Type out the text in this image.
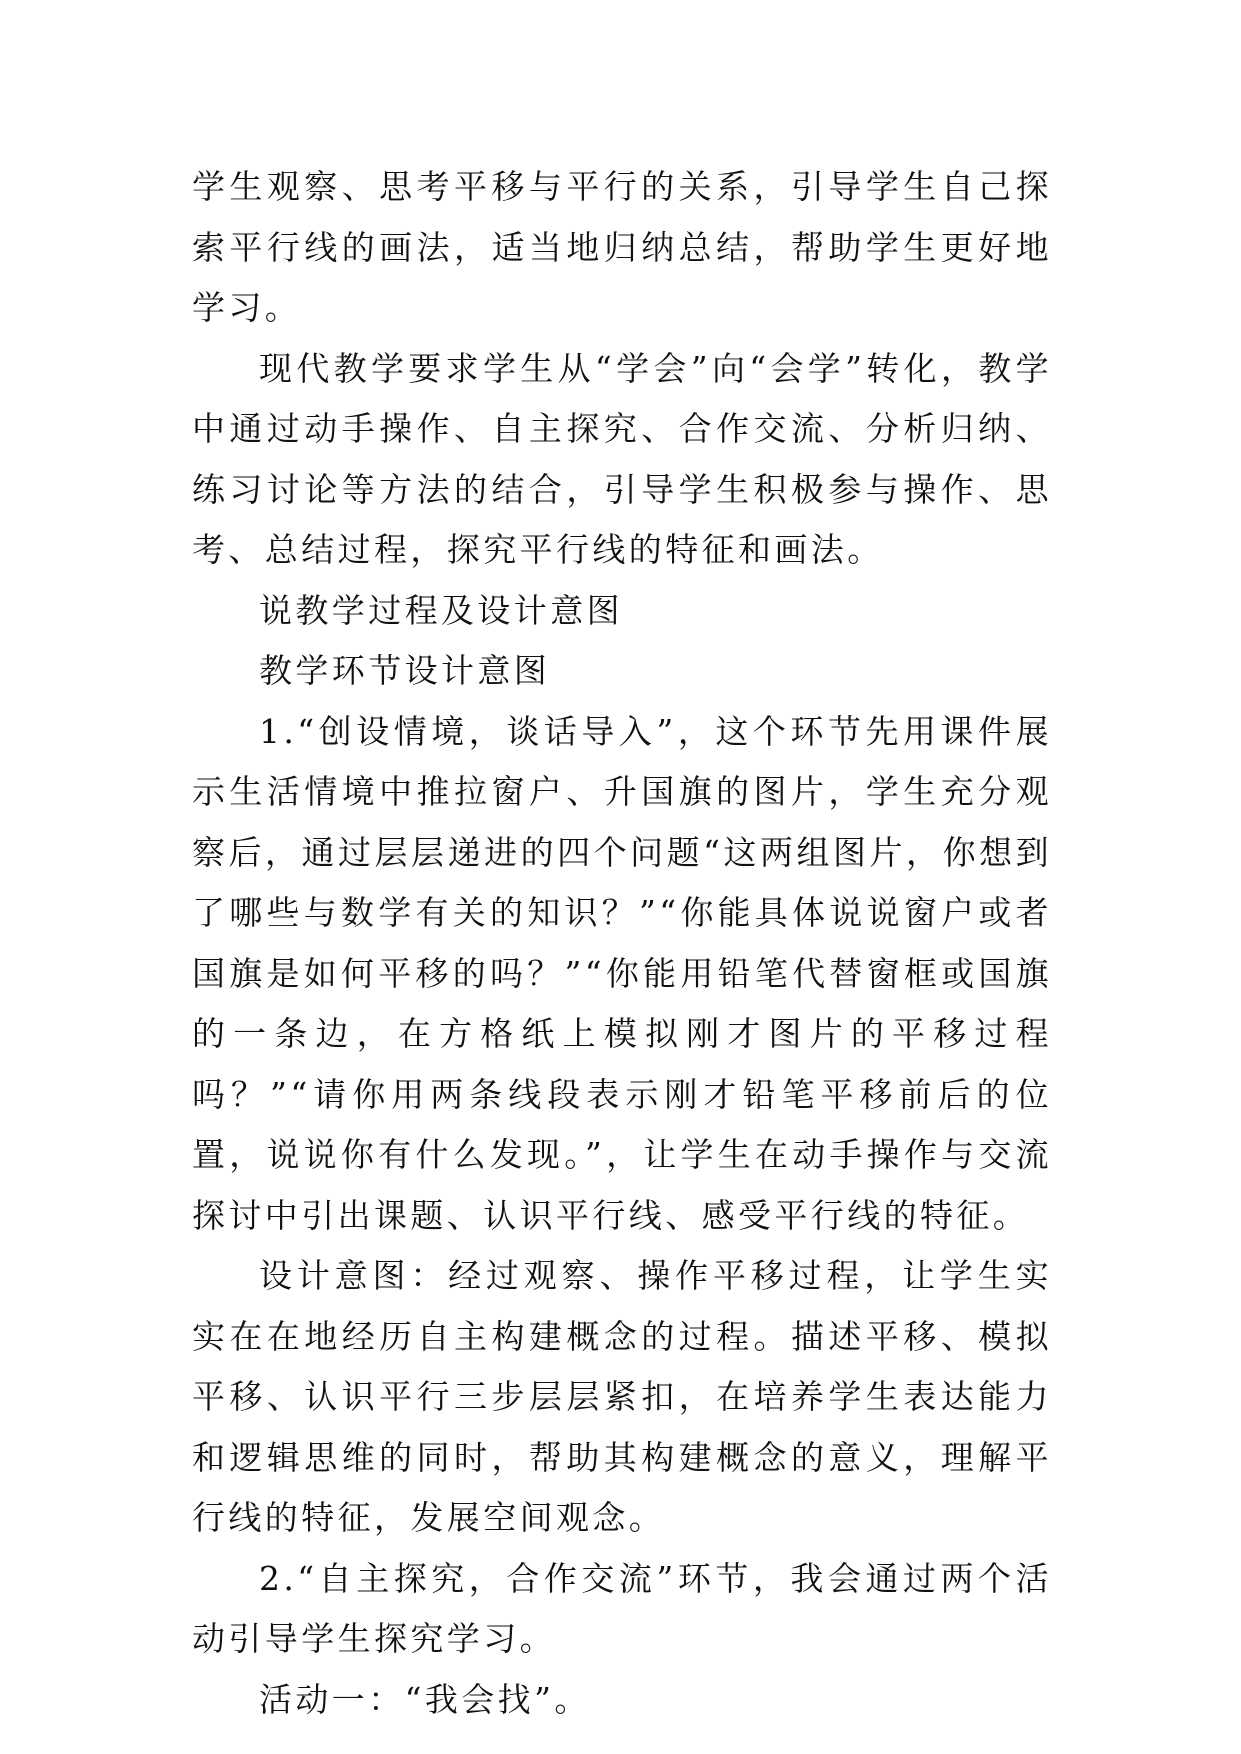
学生观察、思考平移与平行的关系，引导学生自己探索平行线的画法，适当地归纳总结，帮助学生更好地学习。

现代教学要求学生从“学会”向“会学”转化，教学中通过动手操作、自主探究、合作交流、分析归纳、练习讨论等方法的结合，引导学生积极参与操作、思考、总结过程，探究平行线的特征和画法。

说教学过程及设计意图

教学环节设计意图

1.“创设情境，谈话导入”，这个环节先用课件展示生活情境中推拉窗户、升国旗的图片，学生充分观察后，通过层层递进的四个问题“这两组图片，你想到了哪些与数学有关的知识？”“你能具体说说窗户或者国旗是如何平移的吗？”“你能用铅笔代替窗框或国旗的一条边，在方格纸上模拟刚才图片的平移过程吗？”“请你用两条线段表示刚才铅笔平移前后的位置，说说你有什么发现。”，让学生在动手操作与交流探讨中引出课题、认识平行线、感受平行线的特征。

设计意图：经过观察、操作平移过程，让学生实实在在地经历自主构建概念的过程。描述平移、模拟平移、认识平行三步层层紧扣，在培养学生表达能力和逻辑思维的同时，帮助其构建概念的意义，理解平行线的特征，发展空间观念。

2.“自主探究，合作交流”环节，我会通过两个活动引导学生探究学习。

活动一：“我会找”。
